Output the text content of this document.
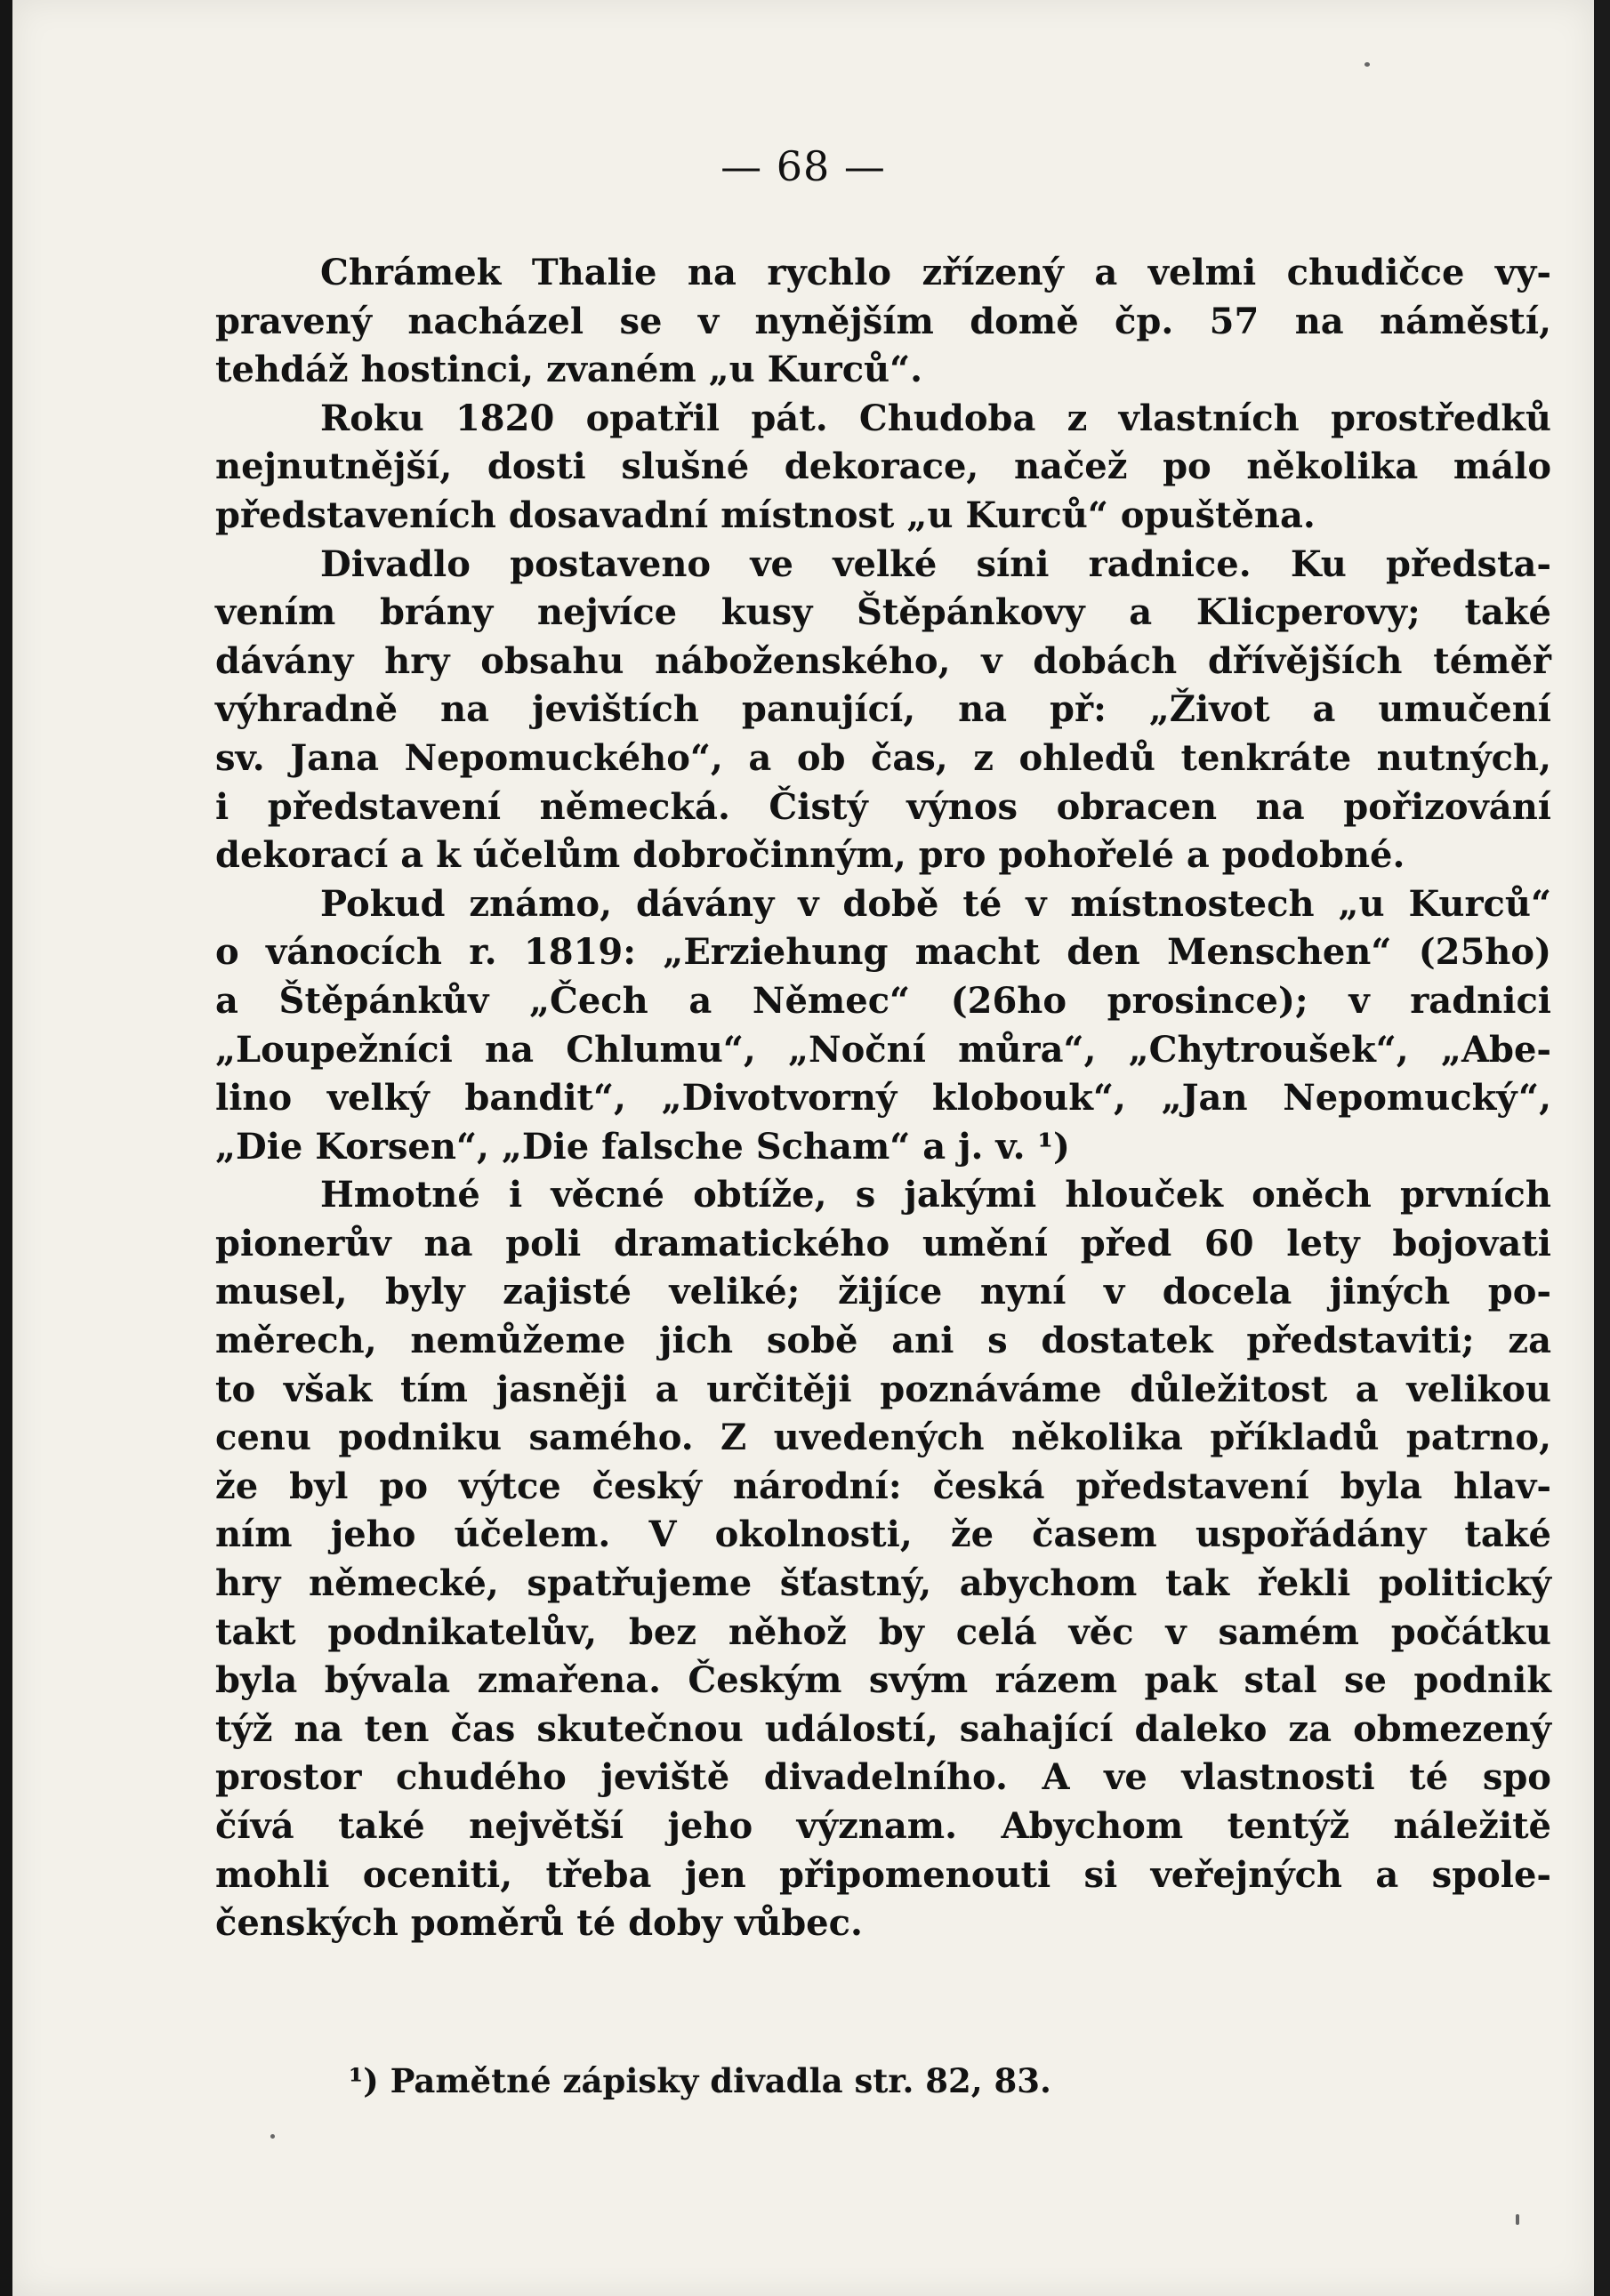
— 68 —
Chrámek Thalie na rychlo zřízený a velmi chudičce vy-
pravený nacházel se v nynějším domě čp. 57 na náměstí,
tehdáž hostinci, zvaném „u Kurců“.
Roku 1820 opatřil pát. Chudoba z vlastních prostředků
nejnutnější, dosti slušné dekorace, načež po několika málo
představeních dosavadní místnost „u Kurců“ opuštěna.
Divadlo postaveno ve velké síni radnice. Ku předsta-
vením brány nejvíce kusy Štěpánkovy a Klicperovy; také
dávány hry obsahu náboženského, v dobách dřívějších téměř
výhradně na jevištích panující, na př: „Život a umučení
sv. Jana Nepomuckého“, a ob čas, z ohledů tenkráte nutných,
i představení německá. Čistý výnos obracen na pořizování
dekorací a k účelům dobročinným, pro pohořelé a podobné.
Pokud známo, dávány v době té v místnostech „u Kurců“
o vánocích r. 1819: „Erziehung macht den Menschen“ (25ho)
a Štěpánkův „Čech a Němec“ (26ho prosince); v radnici
„Loupežníci na Chlumu“, „Noční můra“, „Chytroušek“, „Abe-
lino velký bandit“, „Divotvorný klobouk“, „Jan Nepomucký“,
„Die Korsen“, „Die falsche Scham“ a j. v. ¹)
Hmotné i věcné obtíže, s jakými hlouček oněch prvních
pionerův na poli dramatického umění před 60 lety bojovati
musel, byly zajisté veliké; žijíce nyní v docela jiných po-
měrech, nemůžeme jich sobě ani s dostatek představiti; za
to však tím jasněji a určitěji poznáváme důležitost a velikou
cenu podniku samého. Z uvedených několika příkladů patrno,
že byl po výtce český národní: česká představení byla hlav-
ním jeho účelem. V okolnosti, že časem uspořádány také
hry německé, spatřujeme šťastný, abychom tak řekli politický
takt podnikatelův, bez něhož by celá věc v samém počátku
byla bývala zmařena. Českým svým rázem pak stal se podnik
týž na ten čas skutečnou událostí, sahající daleko za obmezený
prostor chudého jeviště divadelního. A ve vlastnosti té spo
čívá také největší jeho význam. Abychom tentýž náležitě
mohli oceniti, třeba jen připomenouti si veřejných a spole-
čenských poměrů té doby vůbec.
¹) Pamětné zápisky divadla str. 82, 83.
